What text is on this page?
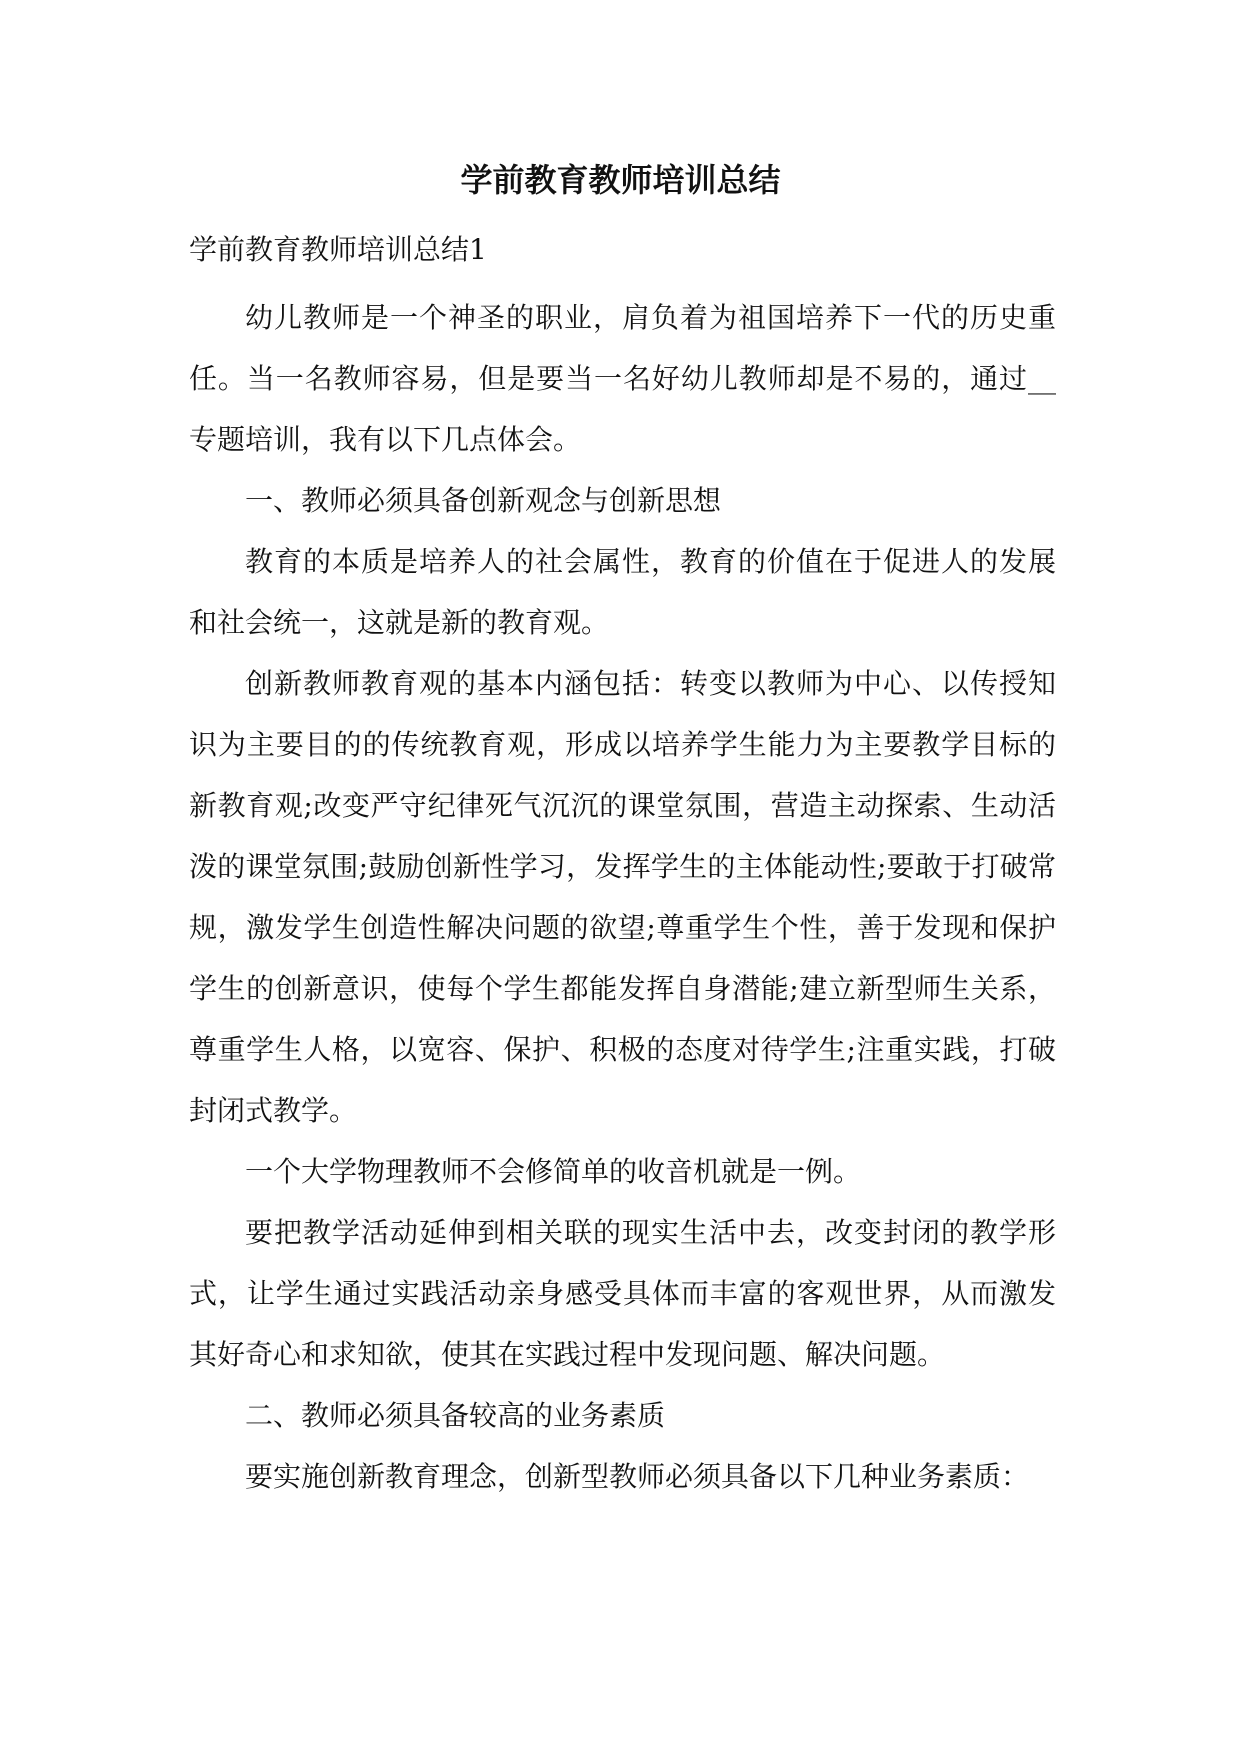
学前教育教师培训总结
学前教育教师培训总结1

幼儿教师是一个神圣的职业，肩负着为祖国培养下一代的历史重任。当一名教师容易，但是要当一名好幼儿教师却是不易的，通过__专题培训，我有以下几点体会。

一、教师必须具备创新观念与创新思想

教育的本质是培养人的社会属性，教育的价值在于促进人的发展和社会统一，这就是新的教育观。

创新教师教育观的基本内涵包括：转变以教师为中心、以传授知识为主要目的的传统教育观，形成以培养学生能力为主要教学目标的新教育观;改变严守纪律死气沉沉的课堂氛围，营造主动探索、生动活泼的课堂氛围;鼓励创新性学习，发挥学生的主体能动性;要敢于打破常规，激发学生创造性解决问题的欲望;尊重学生个性，善于发现和保护学生的创新意识，使每个学生都能发挥自身潜能;建立新型师生关系，尊重学生人格，以宽容、保护、积极的态度对待学生;注重实践，打破封闭式教学。

一个大学物理教师不会修简单的收音机就是一例。

要把教学活动延伸到相关联的现实生活中去，改变封闭的教学形式，让学生通过实践活动亲身感受具体而丰富的客观世界，从而激发其好奇心和求知欲，使其在实践过程中发现问题、解决问题。

二、教师必须具备较高的业务素质

要实施创新教育理念，创新型教师必须具备以下几种业务素质：
